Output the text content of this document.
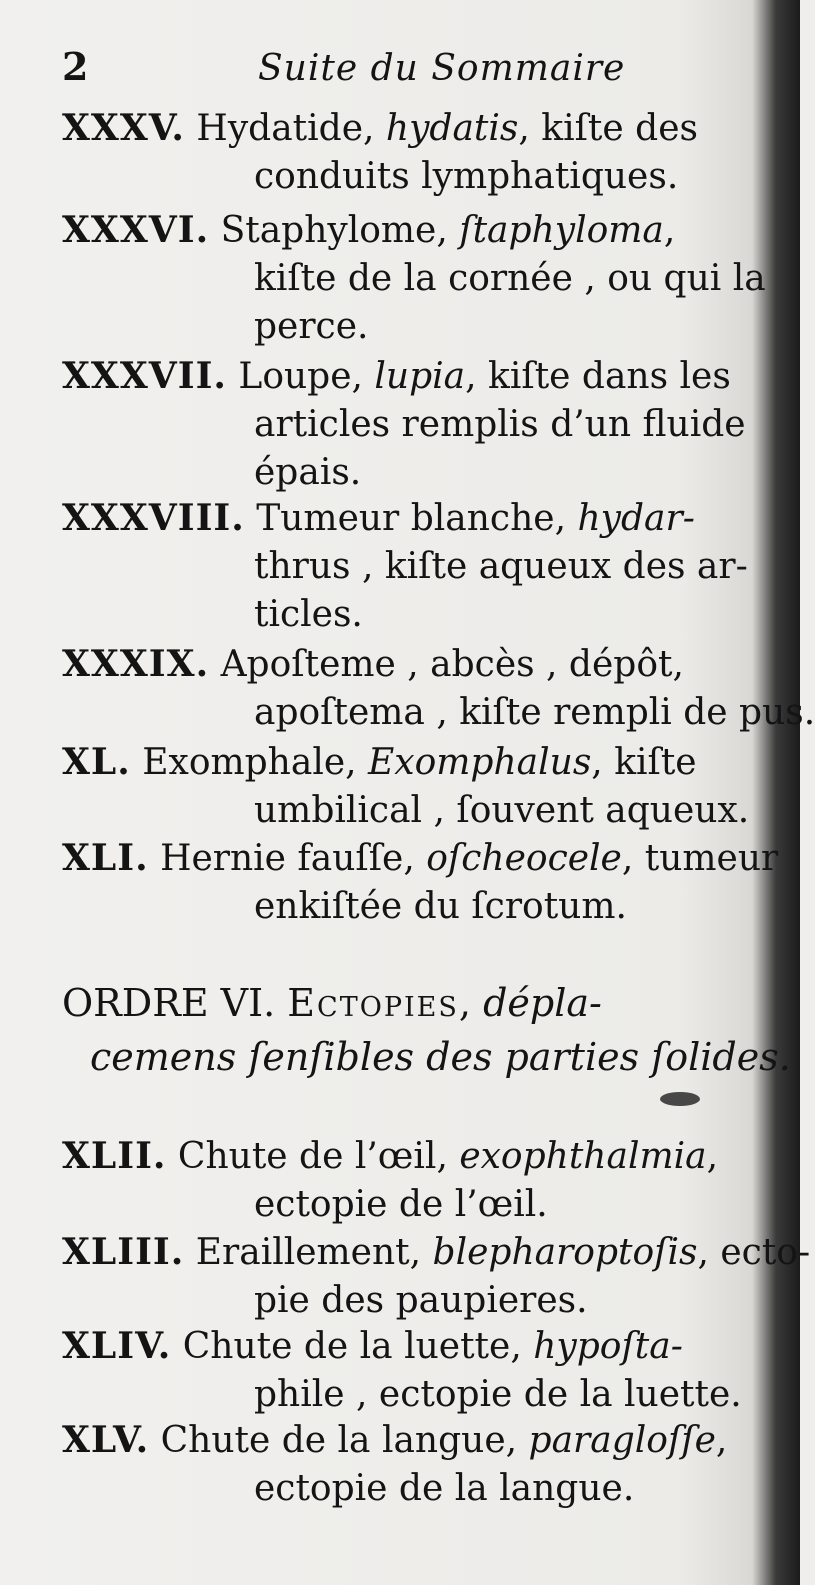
2	Suite du Sommaire
XXXV. Hydatide, hydatis, kiſte des
conduits lymphatiques.
XXXVI. Staphylome, ſtaphyloma,
kiſte de la cornée , ou qui la
perce.
XXXVII. Loupe, lupia, kiſte dans les
articles remplis d’un fluide
épais.
XXXVIII. Tumeur blanche, hydar-
thrus , kiſte aqueux des ar-
ticles.
XXXIX. Apoſteme , abcès , dépôt,
apoſtema , kiſte rempli de pus.
XL. Exomphale, Exomphalus, kiſte
umbilical , ſouvent aqueux.
XLI. Hernie fauſſe, oſcheocele, tumeur
enkiſtée du ſcrotum.
ORDRE VI. Ectopies, dépla-
cemens ſenſibles des parties ſolides.
XLII. Chute de l’œil, exophthalmia,
ectopie de l’œil.
XLIII. Eraillement, blepharoptoſis, ecto-
pie des paupieres.
XLIV. Chute de la luette, hypoſta-
phile , ectopie de la luette.
XLV. Chute de la langue, paragloſſe,
ectopie de la langue.
